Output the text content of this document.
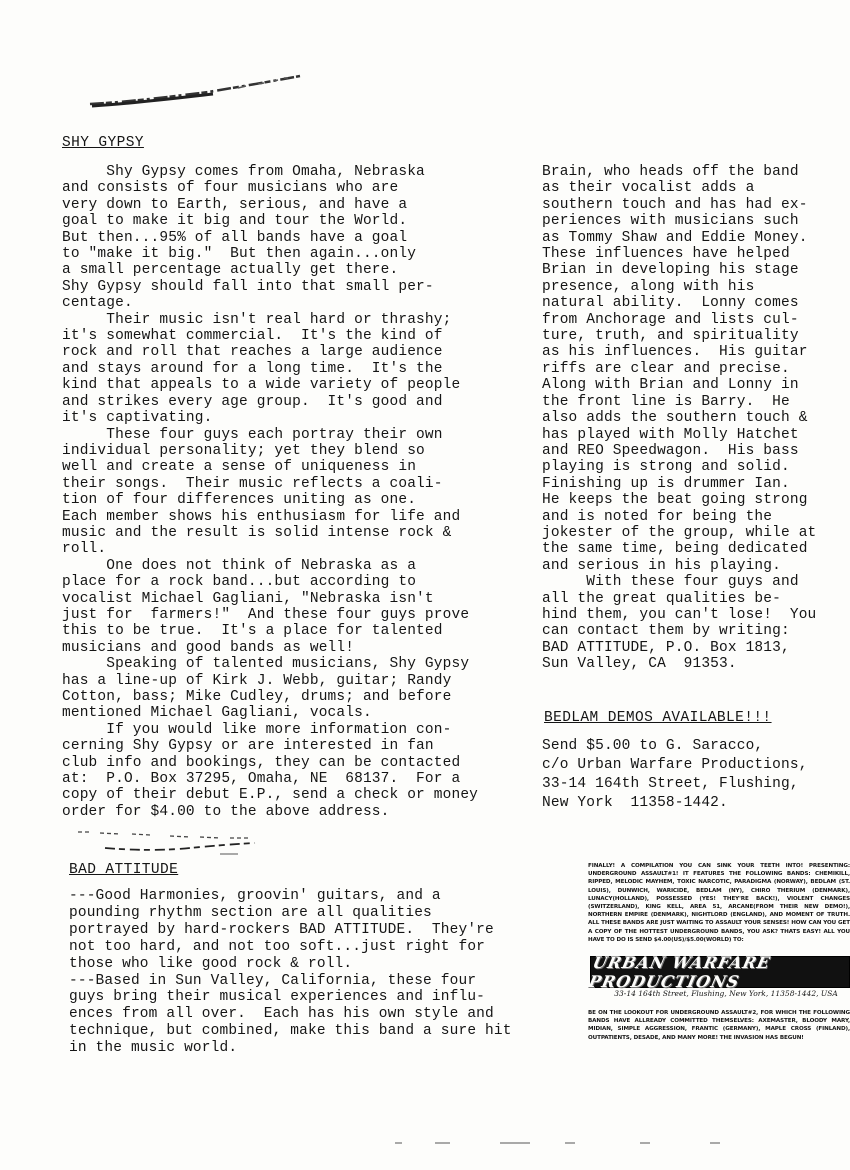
SHY GYPSY

Shy Gypsy comes from Omaha, Nebraska

and consists of four musicians who are

very down to Earth, serious, and have a

goal to make it big and tour the World.

But then...95% of all bands have a goal

to "make it big."  But then again...only

a small percentage actually get there.

Shy Gypsy should fall into that small per-

centage.

Their music isn't real hard or thrashy;

it's somewhat commercial.  It's the kind of

rock and roll that reaches a large audience

and stays around for a long time.  It's the

kind that appeals to a wide variety of people

and strikes every age group.  It's good and

it's captivating.

These four guys each portray their own

individual personality; yet they blend so

well and create a sense of uniqueness in

their songs.  Their music reflects a coali-

tion of four differences uniting as one.

Each member shows his enthusiasm for life and

music and the result is solid intense rock &

roll.

One does not think of Nebraska as a

place for a rock band...but according to

vocalist Michael Gagliani, "Nebraska isn't

just for  farmers!"  And these four guys prove

this to be true.  It's a place for talented

musicians and good bands as well!

Speaking of talented musicians, Shy Gypsy

has a line-up of Kirk J. Webb, guitar; Randy

Cotton, bass; Mike Cudley, drums; and before

mentioned Michael Gagliani, vocals.

If you would like more information con-

cerning Shy Gypsy or are interested in fan

club info and bookings, they can be contacted

at:  P.O. Box 37295, Omaha, NE  68137.  For a

copy of their debut E.P., send a check or money

order for $4.00 to the above address.

Brain, who heads off the band

as their vocalist adds a

southern touch and has had ex-

periences with musicians such

as Tommy Shaw and Eddie Money.

These influences have helped

Brian in developing his stage

presence, along with his

natural ability.  Lonny comes

from Anchorage and lists cul-

ture, truth, and spirituality

as his influences.  His guitar

riffs are clear and precise.

Along with Brian and Lonny in

the front line is Barry.  He

also adds the southern touch &

has played with Molly Hatchet

and REO Speedwagon.  His bass

playing is strong and solid.

Finishing up is drummer Ian.

He keeps the beat going strong

and is noted for being the

jokester of the group, while at

the same time, being dedicated

and serious in his playing.

With these four guys and

all the great qualities be-

hind them, you can't lose!  You

can contact them by writing:

BAD ATTITUDE, P.O. Box 1813,

Sun Valley, CA  91353.

BEDLAM DEMOS AVAILABLE!!!

Send $5.00 to G. Saracco,

c/o Urban Warfare Productions,

33-14 164th Street, Flushing,

New York  11358-1442.

BAD ATTITUDE

---Good Harmonies, groovin' guitars, and a

pounding rhythm section are all qualities

portrayed by hard-rockers BAD ATTITUDE.  They're

not too hard, and not too soft...just right for

those who like good rock & roll.

---Based in Sun Valley, California, these four

guys bring their musical experiences and influ-

ences from all over.  Each has his own style and

technique, but combined, make this band a sure hit

in the music world.

FINALLY! A COMPILATION YOU CAN SINK YOUR TEETH INTO! PRESENTING: UNDERGROUND ASSAULT#1! IT FEATURES THE FOLLOWING BANDS: CHEMIKILL, RIPPED, MELODIC MAYHEM, TOXIC NARCOTIC, PARADIGMA (NORWAY), BEDLAM (ST. LOUIS), DUNWICH, WARICIDE, BEDLAM (NY), CHIRO THERIUM (DENMARK), LUNACY(HOLLAND), POSSESSED (YES! THEY'RE BACK!), VIOLENT CHANGES (SWITZERLAND), KING KELL, AREA 51, ARCANE(FROM THEIR NEW DEMO!), NORTHERN EMPIRE (DENMARK), NIGHTLORD (ENGLAND), AND MOMENT OF TRUTH. ALL THESE BANDS ARE JUST WAITING TO ASSAULT YOUR SENSES! HOW CAN YOU GET A COPY OF THE HOTTEST UNDERGROUND BANDS, YOU ASK? THATS EASY! ALL YOU HAVE TO DO IS SEND $4.00(US)/$5.00(WORLD) TO:
URBAN WARFARE PRODUCTIONS
33-14 164th Street, Flushing, New York, 11358-1442, USA
BE ON THE LOOKOUT FOR UNDERGROUND ASSAULT#2, FOR WHICH THE FOLLOWING BANDS HAVE ALLREADY COMMITTED THEMSELVES: AXEMASTER, BLOODY MARY, MIDIAN, SIMPLE AGGRESSION, FRANTIC (GERMANY), MAPLE CROSS (FINLAND), OUTPATIENTS, DESADE, AND MANY MORE! THE INVASION HAS BEGUN!
